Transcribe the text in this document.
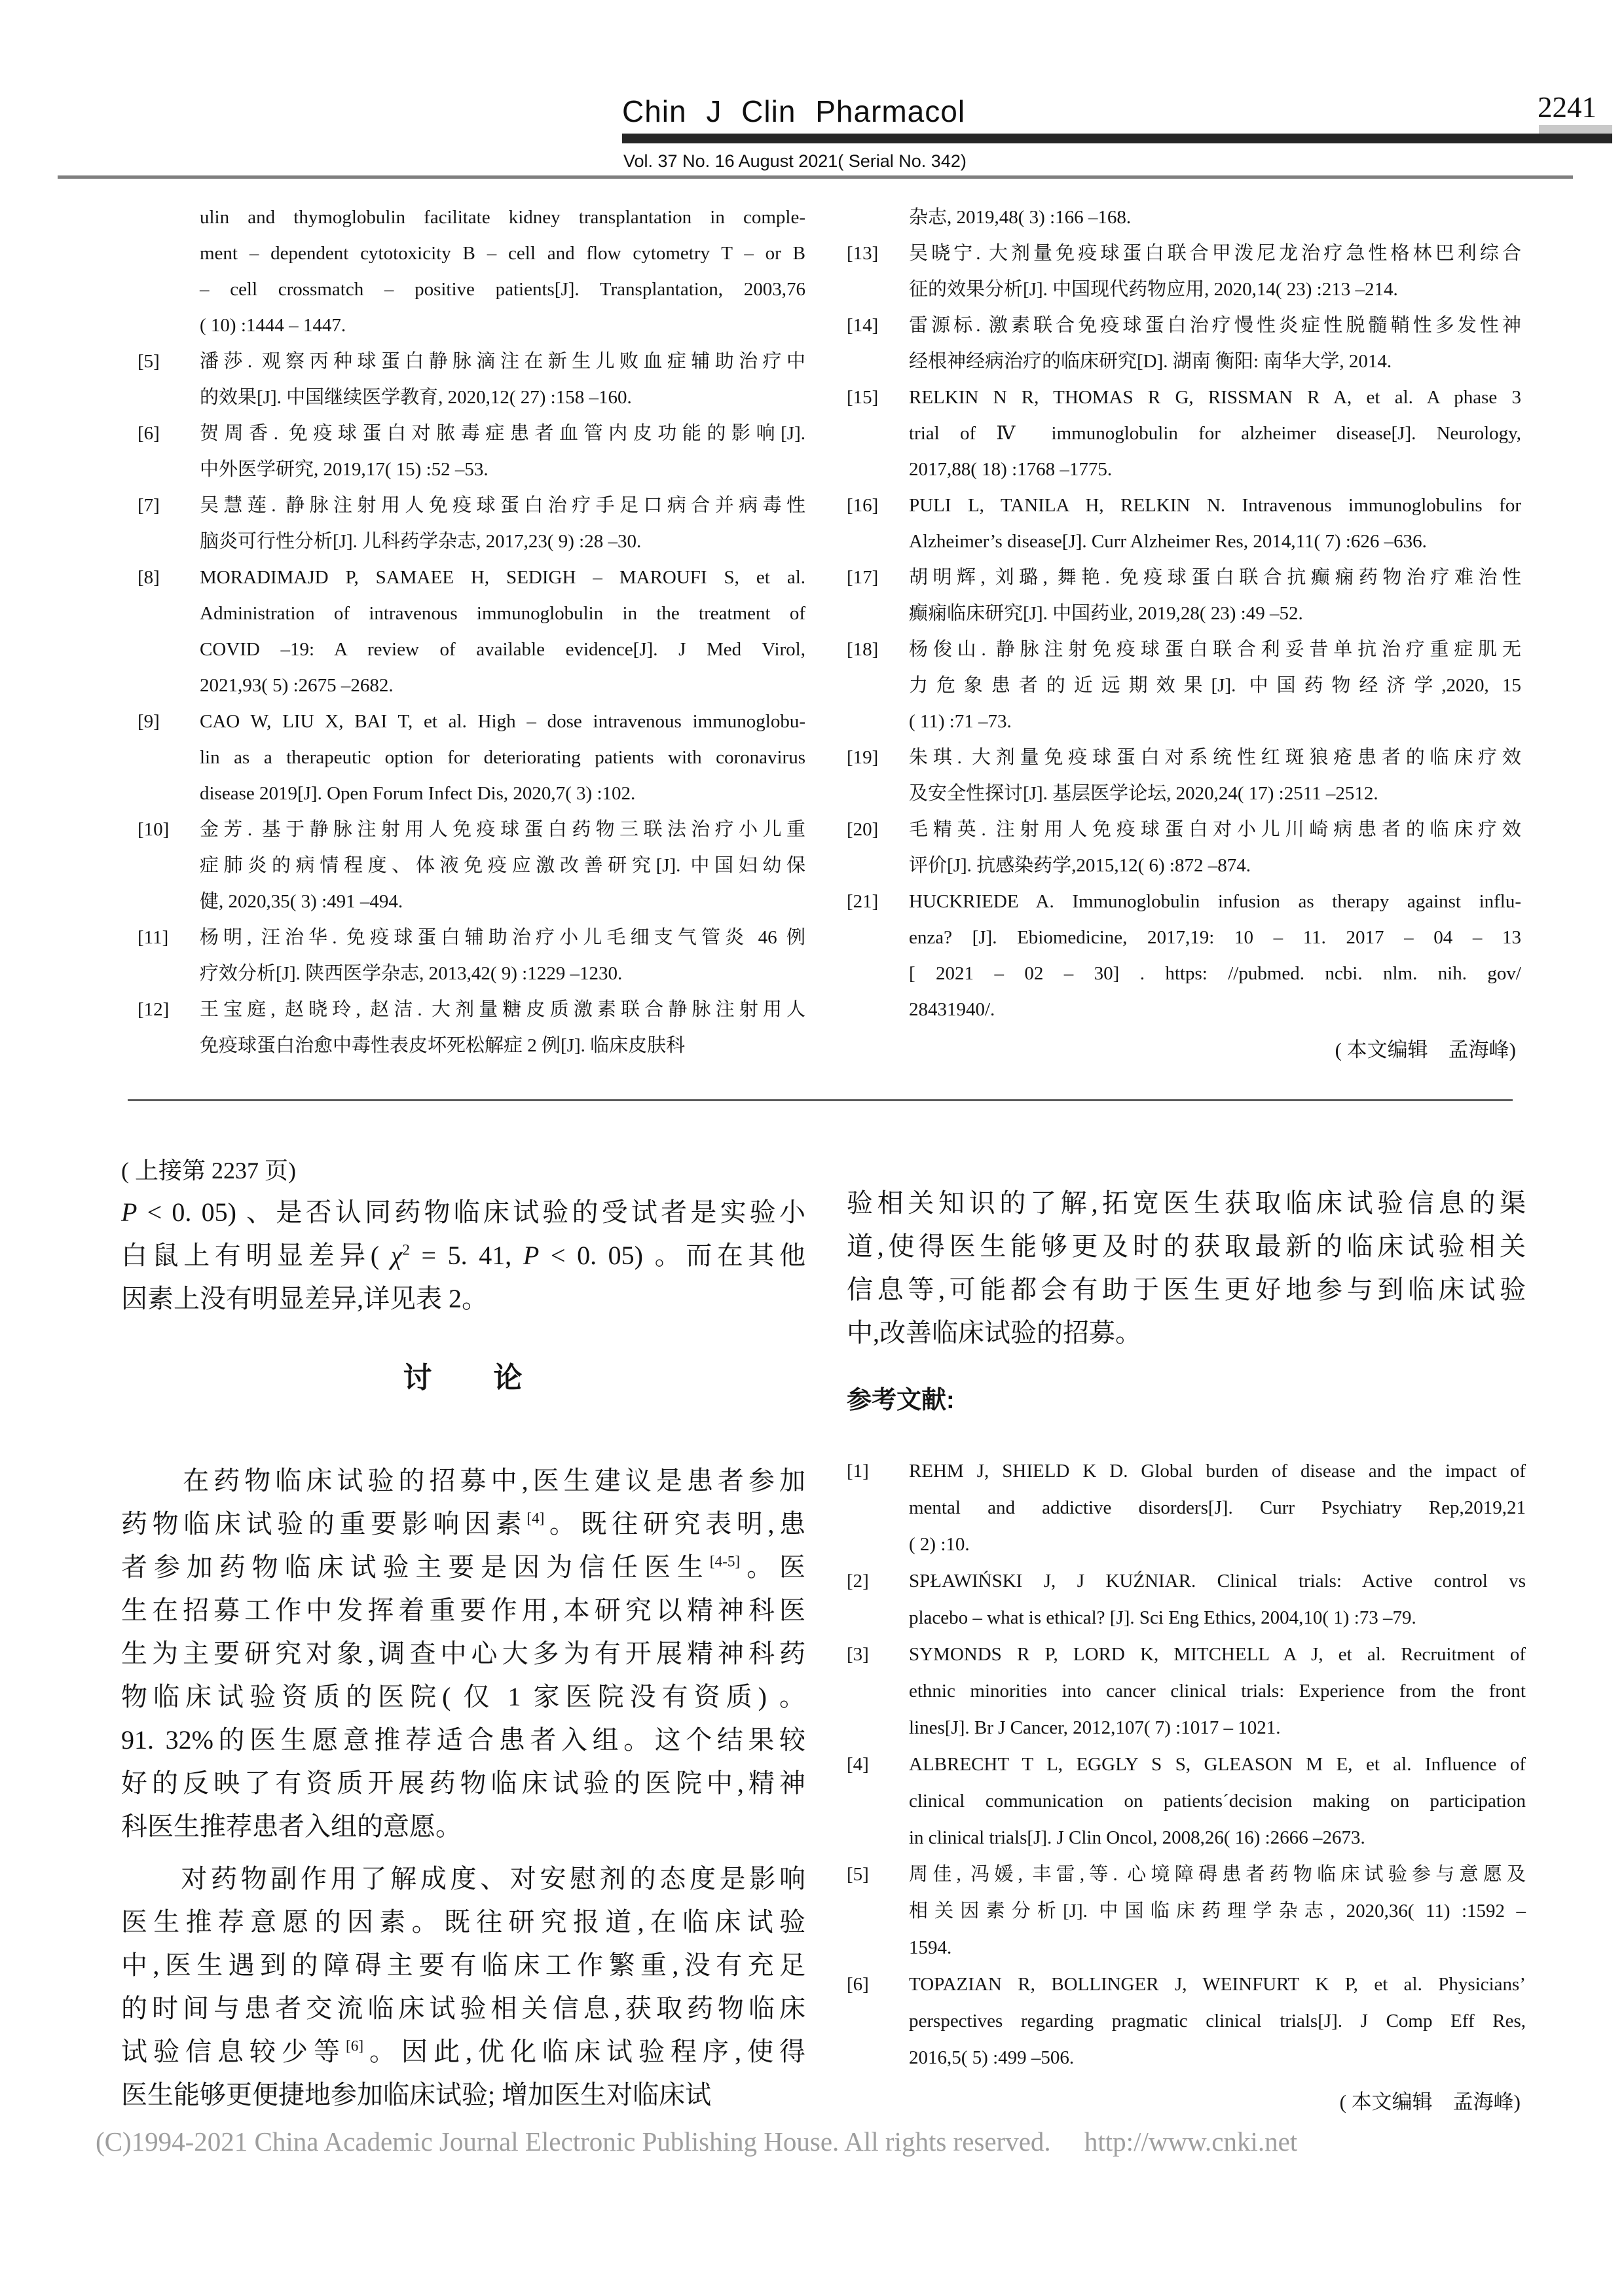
Chin J Clin Pharmacol	2241
Vol. 37 No. 16 August 2021( Serial No. 342)
ulin and thymoglobulin facilitate kidney transplantation in comple-
ment – dependent cytotoxicity B – cell and flow cytometry T – or B
– cell crossmatch – positive patients[J]. Transplantation, 2003,76
( 10) :1444 – 1447.
[5]	潘莎. 观察丙种球蛋白静脉滴注在新生儿败血症辅助治疗中
的效果[J]. 中国继续医学教育, 2020,12( 27) :158 –160.
[6]	贺周香. 免疫球蛋白对脓毒症患者血管内皮功能的影响[J].
中外医学研究, 2019,17( 15) :52 –53.
[7]	吴慧莲. 静脉注射用人免疫球蛋白治疗手足口病合并病毒性
脑炎可行性分析[J]. 儿科药学杂志, 2017,23( 9) :28 –30.
[8]	MORADIMAJD P, SAMAEE H, SEDIGH – MAROUFI S, et al.
Administration of intravenous immunoglobulin in the treatment of
COVID –19: A review of available evidence[J]. J Med Virol,
2021,93( 5) :2675 –2682.
[9]	CAO W, LIU X, BAI T, et al. High – dose intravenous immunoglobu-
lin as a therapeutic option for deteriorating patients with coronavirus
disease 2019[J]. Open Forum Infect Dis, 2020,7( 3) :102.
[10]	金芳. 基于静脉注射用人免疫球蛋白药物三联法治疗小儿重
症肺炎的病情程度、体液免疫应激改善研究[J]. 中国妇幼保
健, 2020,35( 3) :491 –494.
[11]	杨明, 汪治华. 免疫球蛋白辅助治疗小儿毛细支气管炎 46 例
疗效分析[J]. 陕西医学杂志, 2013,42( 9) :1229 –1230.
[12]	王宝庭, 赵晓玲, 赵洁. 大剂量糖皮质激素联合静脉注射用人
免疫球蛋白治愈中毒性表皮坏死松解症 2 例[J]. 临床皮肤科
杂志, 2019,48( 3) :166 –168.
[13]	吴晓宁. 大剂量免疫球蛋白联合甲泼尼龙治疗急性格林巴利综合
征的效果分析[J]. 中国现代药物应用, 2020,14( 23) :213 –214.
[14]	雷源标. 激素联合免疫球蛋白治疗慢性炎症性脱髓鞘性多发性神
经根神经病治疗的临床研究[D]. 湖南 衡阳: 南华大学, 2014.
[15]	RELKIN N R, THOMAS R G, RISSMAN R A, et al. A phase 3
trial of Ⅳ immunoglobulin for alzheimer disease[J]. Neurology,
2017,88( 18) :1768 –1775.
[16]	PULI L, TANILA H, RELKIN N. Intravenous immunoglobulins for
Alzheimer’s disease[J]. Curr Alzheimer Res, 2014,11( 7) :626 –636.
[17]	胡明辉, 刘璐, 舞艳. 免疫球蛋白联合抗癫痫药物治疗难治性
癫痫临床研究[J]. 中国药业, 2019,28( 23) :49 –52.
[18]	杨俊山. 静脉注射免疫球蛋白联合利妥昔单抗治疗重症肌无
力危象患者的近远期效果[J]. 中国药物经济学,2020, 15
( 11) :71 –73.
[19]	朱琪. 大剂量免疫球蛋白对系统性红斑狼疮患者的临床疗效
及安全性探讨[J]. 基层医学论坛, 2020,24( 17) :2511 –2512.
[20]	毛精英. 注射用人免疫球蛋白对小儿川崎病患者的临床疗效
评价[J]. 抗感染药学,2015,12( 6) :872 –874.
[21]	HUCKRIEDE A. Immunoglobulin infusion as therapy against influ-
enza? [J]. Ebiomedicine, 2017,19: 10 – 11. 2017 – 04 – 13
[ 2021 – 02 – 30] . https: //pubmed. ncbi. nlm. nih. gov/
28431940/.
( 本文编辑　孟海峰)
( 上接第 2237 页)
P < 0. 05) 、是否认同药物临床试验的受试者是实验小
白鼠上有明显差异( $\chi^2 = 5$. 41, P < 0. 05) 。而在其他
因素上没有明显差异,详见表 2。
讨　　论
　　在药物临床试验的招募中,医生建议是患者参加
药物临床试验的重要影响因素[4]。既往研究表明,患
者参加药物临床试验主要是因为信任医生[4-5]。医
生在招募工作中发挥着重要作用,本研究以精神科医
生为主要研究对象,调查中心大多为有开展精神科药
物临床试验资质的医院( 仅 1 家医院没有资质) 。
91. 32%的医生愿意推荐适合患者入组。这个结果较
好的反映了有资质开展药物临床试验的医院中,精神
科医生推荐患者入组的意愿。
　　对药物副作用了解成度、对安慰剂的态度是影响
医生推荐意愿的因素。既往研究报道,在临床试验
中,医生遇到的障碍主要有临床工作繁重,没有充足
的时间与患者交流临床试验相关信息,获取药物临床
试验信息较少等[6]。因此,优化临床试验程序,使得
医生能够更便捷地参加临床试验; 增加医生对临床试
验相关知识的了解,拓宽医生获取临床试验信息的渠
道,使得医生能够更及时的获取最新的临床试验相关
信息等,可能都会有助于医生更好地参与到临床试验
中,改善临床试验的招募。
参考文献:
[1]	REHM J, SHIELD K D. Global burden of disease and the impact of
mental and addictive disorders[J]. Curr Psychiatry Rep,2019,21
( 2) :10.
[2]	SPŁAWIŃSKI J, J KUŹNIAR. Clinical trials: Active control vs
placebo – what is ethical? [J]. Sci Eng Ethics, 2004,10( 1) :73 –79.
[3]	SYMONDS R P, LORD K, MITCHELL A J, et al. Recruitment of
ethnic minorities into cancer clinical trials: Experience from the front
lines[J]. Br J Cancer, 2012,107( 7) :1017 – 1021.
[4]	ALBRECHT T L, EGGLY S S, GLEASON M E, et al. Influence of
clinical communication on patients´decision making on participation
in clinical trials[J]. J Clin Oncol, 2008,26( 16) :2666 –2673.
[5]	周佳, 冯媛, 丰雷,等. 心境障碍患者药物临床试验参与意愿及
相关因素分析[J]. 中国临床药理学杂志, 2020,36( 11) :1592 –
1594.
[6]	TOPAZIAN R, BOLLINGER J, WEINFURT K P, et al. Physicians’
perspectives regarding pragmatic clinical trials[J]. J Comp Eff Res,
2016,5( 5) :499 –506.
( 本文编辑　孟海峰)
(C)1994-2021 China Academic Journal Electronic Publishing House. All rights reserved.　 http://www.cnki.net
